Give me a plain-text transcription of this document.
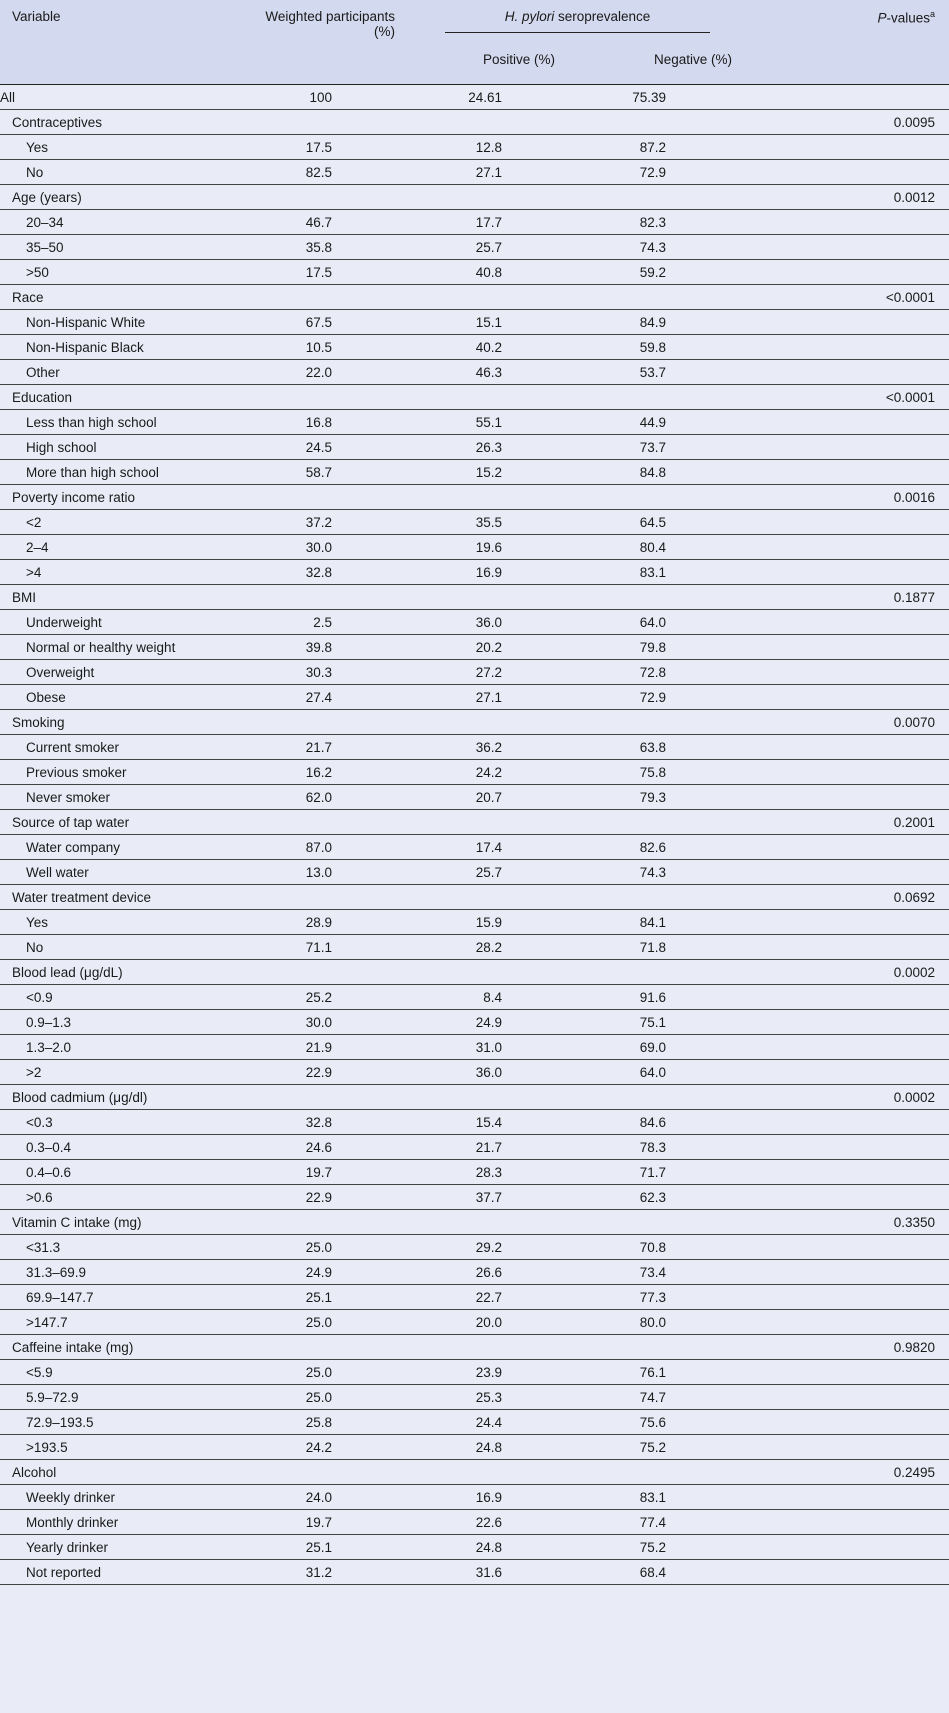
Variable	Weighted participants (%)	H. pylori seroprevalence		P-values$^a$
		Positive (%)	Negative (%)	
All	100	24.61	75.39	
Contraceptives				0.0095
Yes	17.5	12.8	87.2	
No	82.5	27.1	72.9	
Age (years)				0.0012
20–34	46.7	17.7	82.3	
35–50	35.8	25.7	74.3	
>50	17.5	40.8	59.2	
Race				<0.0001
Non-Hispanic White	67.5	15.1	84.9	
Non-Hispanic Black	10.5	40.2	59.8	
Other	22.0	46.3	53.7	
Education				<0.0001
Less than high school	16.8	55.1	44.9	
High school	24.5	26.3	73.7	
More than high school	58.7	15.2	84.8	
Poverty income ratio				0.0016
<2	37.2	35.5	64.5	
2–4	30.0	19.6	80.4	
>4	32.8	16.9	83.1	
BMI				0.1877
Underweight	2.5	36.0	64.0	
Normal or healthy weight	39.8	20.2	79.8	
Overweight	30.3	27.2	72.8	
Obese	27.4	27.1	72.9	
Smoking				0.0070
Current smoker	21.7	36.2	63.8	
Previous smoker	16.2	24.2	75.8	
Never smoker	62.0	20.7	79.3	
Source of tap water				0.2001
Water company	87.0	17.4	82.6	
Well water	13.0	25.7	74.3	
Water treatment device				0.0692
Yes	28.9	15.9	84.1	
No	71.1	28.2	71.8	
Blood lead (μg/dL)				0.0002
<0.9	25.2	8.4	91.6	
0.9–1.3	30.0	24.9	75.1	
1.3–2.0	21.9	31.0	69.0	
>2	22.9	36.0	64.0	
Blood cadmium (μg/dl)				0.0002
<0.3	32.8	15.4	84.6	
0.3–0.4	24.6	21.7	78.3	
0.4–0.6	19.7	28.3	71.7	
>0.6	22.9	37.7	62.3	
Vitamin C intake (mg)				0.3350
<31.3	25.0	29.2	70.8	
31.3–69.9	24.9	26.6	73.4	
69.9–147.7	25.1	22.7	77.3	
>147.7	25.0	20.0	80.0	
Caffeine intake (mg)				0.9820
<5.9	25.0	23.9	76.1	
5.9–72.9	25.0	25.3	74.7	
72.9–193.5	25.8	24.4	75.6	
>193.5	24.2	24.8	75.2	
Alcohol				0.2495
Weekly drinker	24.0	16.9	83.1	
Monthly drinker	19.7	22.6	77.4	
Yearly drinker	25.1	24.8	75.2	
Not reported	31.2	31.6	68.4	
